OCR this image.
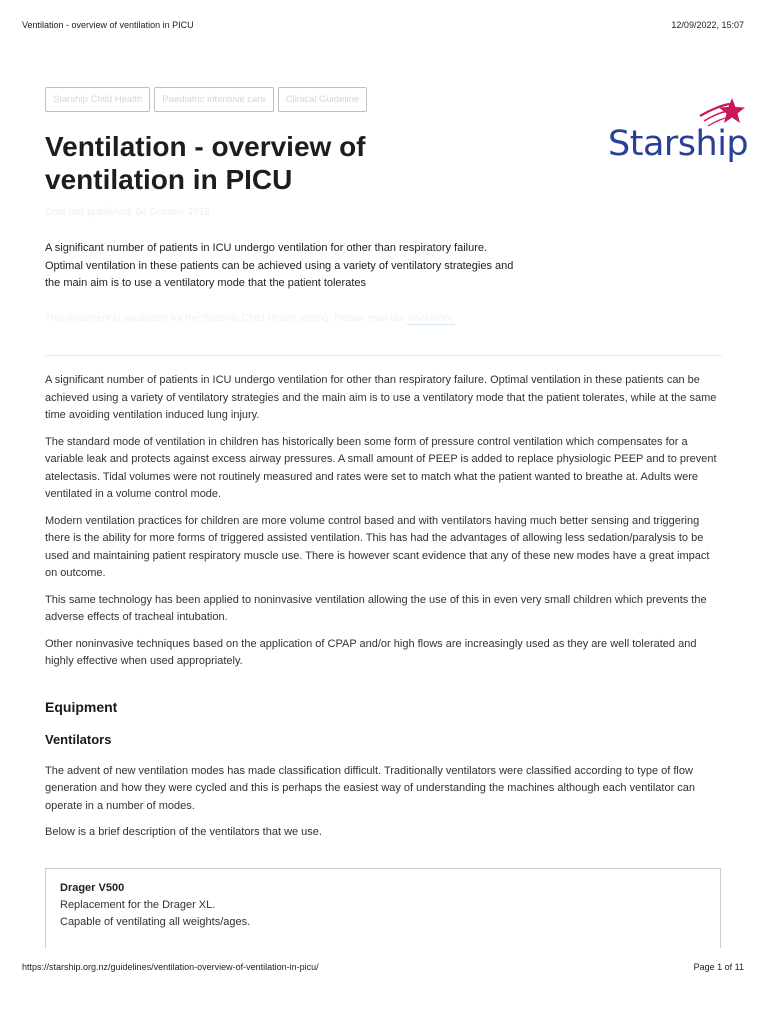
Ventilation - overview of ventilation in PICU	12/09/2022, 15:07
Starship Child Health	Paediatric intensive care	Clinical Guideline
Starship
Ventilation - overview of
ventilation in PICU
Date last published: 04 October 2019

A significant number of patients in ICU undergo ventilation for other than respiratory failure. Optimal ventilation in these patients can be achieved using a variety of ventilatory strategies and the main aim is to use a ventilatory mode that the patient tolerates

This document is applicable for the Starship Child Health setting. Please read our disclaimer.

A significant number of patients in ICU undergo ventilation for other than respiratory failure. Optimal ventilation in these patients can be achieved using a variety of ventilatory strategies and the main aim is to use a ventilatory mode that the patient tolerates, while at the same time avoiding ventilation induced lung injury.

The standard mode of ventilation in children has historically been some form of pressure control ventilation which compensates for a variable leak and protects against excess airway pressures. A small amount of PEEP is added to replace physiologic PEEP and to prevent atelectasis. Tidal volumes were not routinely measured and rates were set to match what the patient wanted to breathe at. Adults were ventilated in a volume control mode.

Modern ventilation practices for children are more volume control based and with ventilators having much better sensing and triggering there is the ability for more forms of triggered assisted ventilation. This has had the advantages of allowing less sedation/paralysis to be used and maintaining patient respiratory muscle use. There is however scant evidence that any of these new modes have a great impact on outcome.

This same technology has been applied to noninvasive ventilation allowing the use of this in even very small children which prevents the adverse effects of tracheal intubation.

Other noninvasive techniques based on the application of CPAP and/or high flows are increasingly used as they are well tolerated and highly effective when used appropriately.

Equipment
Ventilators

The advent of new ventilation modes has made classification difficult. Traditionally ventilators were classified according to type of flow generation and how they were cycled and this is perhaps the easiest way of understanding the machines although each ventilator can operate in a number of modes.

Below is a brief description of the ventilators that we use.

Drager V500
Replacement for the Drager XL.
Capable of ventilating all weights/ages.
https://starship.org.nz/guidelines/ventilation-overview-of-ventilation-in-picu/	Page 1 of 11
